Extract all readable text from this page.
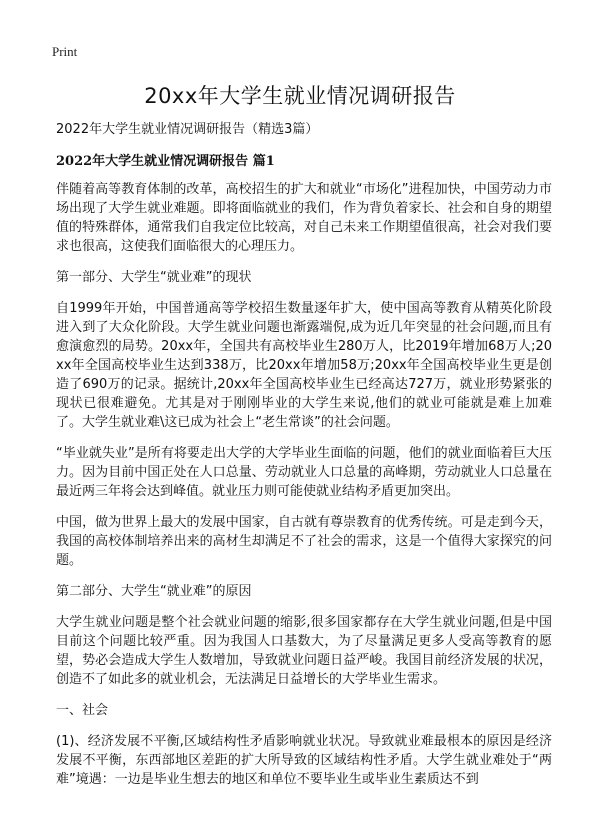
Print
20xx年大学生就业情况调研报告
2022年大学生就业情况调研报告（精选3篇）
2022年大学生就业情况调研报告 篇1

伴随着高等教育体制的改革，高校招生的扩大和就业“市场化”进程加快，中国劳动力市场出现了大学生就业难题。即将面临就业的我们，作为背负着家长、社会和自身的期望值的特殊群体，通常我们自我定位比较高，对自己未来工作期望值很高，社会对我们要求也很高，这使我们面临很大的心理压力。

第一部分、大学生“就业难”的现状

自1999年开始，中国普通高等学校招生数量逐年扩大，使中国高等教育从精英化阶段进入到了大众化阶段。大学生就业问题也渐露端倪,成为近几年突显的社会问题,而且有愈演愈烈的局势。20xx年，全国共有高校毕业生280万人，比2019年增加68万人;20xx年全国高校毕业生达到338万，比20xx年增加58万;20xx年全国高校毕业生更是创造了690万的记录。据统计,20xx年全国高校毕业生已经高达727万，就业形势紧张的现状已很难避免。尤其是对于刚刚毕业的大学生来说,他们的就业可能就是难上加难了。大学生就业难\这已成为社会上“老生常谈”的社会问题。

“毕业就失业”是所有将要走出大学的大学毕业生面临的问题，他们的就业面临着巨大压力。因为目前中国正处在人口总量、劳动就业人口总量的高峰期，劳动就业人口总量在最近两三年将会达到峰值。就业压力则可能使就业结构矛盾更加突出。

中国，做为世界上最大的发展中国家，自古就有尊崇教育的优秀传统。可是走到今天，我国的高校体制培养出来的高材生却满足不了社会的需求，这是一个值得大家探究的问题。

第二部分、大学生“就业难”的原因

大学生就业问题是整个社会就业问题的缩影,很多国家都存在大学生就业问题,但是中国目前这个问题比较严重。因为我国人口基数大，为了尽量满足更多人受高等教育的愿望，势必会造成大学生人数增加，导致就业问题日益严峻。我国目前经济发展的状况，创造不了如此多的就业机会，无法满足日益增长的大学毕业生需求。

一、社会

(1)、经济发展不平衡,区域结构性矛盾影响就业状况。导致就业难最根本的原因是经济发展不平衡，东西部地区差距的扩大所导致的区域结构性矛盾。大学生就业难处于“两难”境遇：一边是毕业生想去的地区和单位不要毕业生或毕业生素质达不到
